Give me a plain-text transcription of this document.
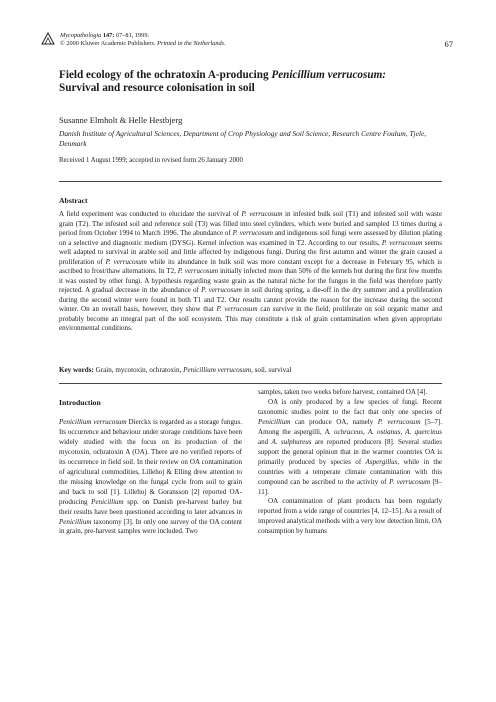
Mycopathologia 147: 67–81, 1999.
© 2000 Kluwer Academic Publishers. Printed in the Netherlands.	67
Field ecology of the ochratoxin A-producing Penicillium verrucosum:
Survival and resource colonisation in soil
Susanne Elmholt & Helle Hestbjerg
Danish Institute of Agricultural Sciences, Department of Crop Physiology and Soil Science, Research Centre Foulum, Tjele, Denmark
Received 1 August 1999; accepted in revised form 26 January 2000
Abstract
A field experiment was conducted to elucidate the survival of P. verrucosum in infested bulk soil (T1) and infested soil with waste grain (T2). The infested soil and reference soil (T3) was filled into steel cylinders, which were buried and sampled 13 times during a period from October 1994 to March 1996. The abundance of P. verrucosum and indigenous soil fungi were assessed by dilution plating on a selective and diagnostic medium (DYSG). Kernel infection was examined in T2. According to our results, P. verrucosum seems well adapted to survival in arable soil and little affected by indigenous fungi. During the first autumn and winter the grain caused a proliferation of P. verrucosum while its abundance in bulk soil was more constant except for a decrease in February 95, which is ascribed to frost/thaw alternations. In T2, P. verrucosum initially infected more than 50% of the kernels but during the first few months it was ousted by other fungi. A hypothesis regarding waste grain as the natural niche for the fungus in the field was therefore partly rejected. A gradual decrease in the abundance of P. verrucosum in soil during spring, a die-off in the dry summer and a proliferation during the second winter were found in both T1 and T2. Our results cannot provide the reason for the increase during the second winter. On an overall basis, however, they show that P. verrucosum can survive in the field, proliferate on soil organic matter and probably become an integral part of the soil ecosystem. This may constitute a risk of grain contamination when given appropriate environmental conditions.
Key words: Grain, mycotoxin, ochratoxin, Penicillium verrucosum, soil, survival
Introduction

Penicillium verrucosum Dierckx is regarded as a storage fungus. Its occurrence and behaviour under storage conditions have been widely studied with the focus on its production of the mycotoxin, ochratoxin A (OA). There are no verified reports of its occurrence in field soil. In their review on OA contamination of agricultural commodities, Lillehoj & Elling drew attention to the missing knowledge on the fungal cycle from soil to grain and back to soil [1]. Lillehoj & Goransson [2] reported OA-producing Penicillium spp. on Danish pre-harvest barley but their results have been questioned according to later advances in Penicillium taxonomy [3]. In only one survey of the OA content in grain, pre-harvest samples were included. Two

samples, taken two weeks before harvest, contained OA [4].

OA is only produced by a few species of fungi. Recent taxonomic studies point to the fact that only one species of Penicillium can produce OA, namely P. verrucosum [5–7]. Among the aspergilli, A. ochraceus, A. ostianus, A. quercinus and A. sulphureus are reported producers [8]. Several studies support the general opinion that in the warmer countries OA is primarily produced by species of Aspergillus, while in the countries with a temperate climate contamination with this compound can be ascribed to the activity of P. verrucosum [9–11].

OA contamination of plant products has been regularly reported from a wide range of countries [4, 12–15]. As a result of improved analytical methods with a very low detection limit, OA consumption by humans
